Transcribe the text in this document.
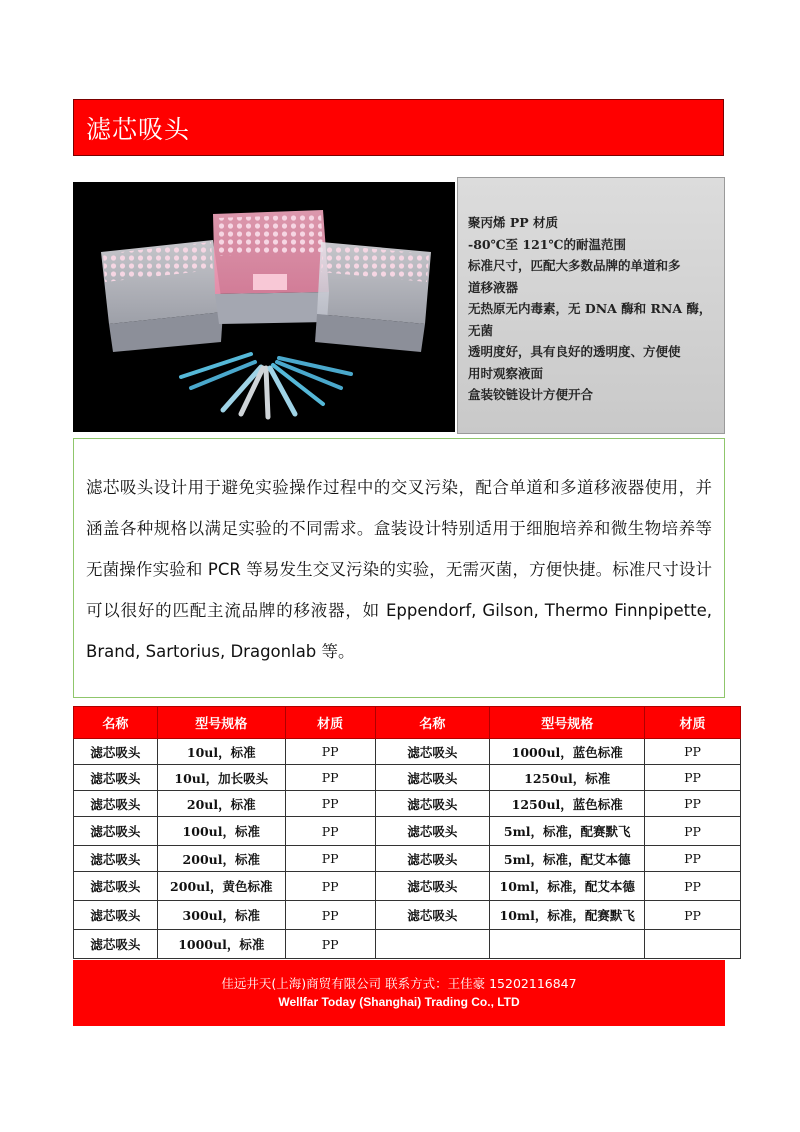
滤芯吸头
聚丙烯 PP 材质
-80℃至 121℃的耐温范围
标准尺寸，匹配大多数品牌的单道和多
道移液器
无热原无内毒素，无 DNA 酶和 RNA 酶，
无菌
透明度好，具有良好的透明度、方便使
用时观察液面
盒装铰链设计方便开合

滤芯吸头设计用于避免实验操作过程中的交叉污染，配合单道和多道移液器使用，并涵盖各种规格以满足实验的不同需求。盒装设计特别适用于细胞培养和微生物培养等无菌操作实验和 PCR 等易发生交叉污染的实验，无需灭菌，方便快捷。标准尺寸设计可以很好的匹配主流品牌的移液器，如 Eppendorf, Gilson, Thermo Finnpipette, Brand, Sartorius, Dragonlab 等。

名称	型号规格	材质	名称	型号规格	材质
滤芯吸头	10ul，标准	PP	滤芯吸头	1000ul，蓝色标准	PP
滤芯吸头	10ul，加长吸头	PP	滤芯吸头	1250ul，标准	PP
滤芯吸头	20ul，标准	PP	滤芯吸头	1250ul，蓝色标准	PP
滤芯吸头	100ul，标准	PP	滤芯吸头	5ml，标准，配赛默飞	PP
滤芯吸头	200ul，标准	PP	滤芯吸头	5ml，标准，配艾本德	PP
滤芯吸头	200ul，黄色标准	PP	滤芯吸头	10ml，标准，配艾本德	PP
滤芯吸头	300ul，标准	PP	滤芯吸头	10ml，标准，配赛默飞	PP
滤芯吸头	1000ul，标准	PP			
佳远井天(上海)商贸有限公司 联系方式：王佳豪 15202116847
Wellfar Today (Shanghai) Trading Co., LTD
